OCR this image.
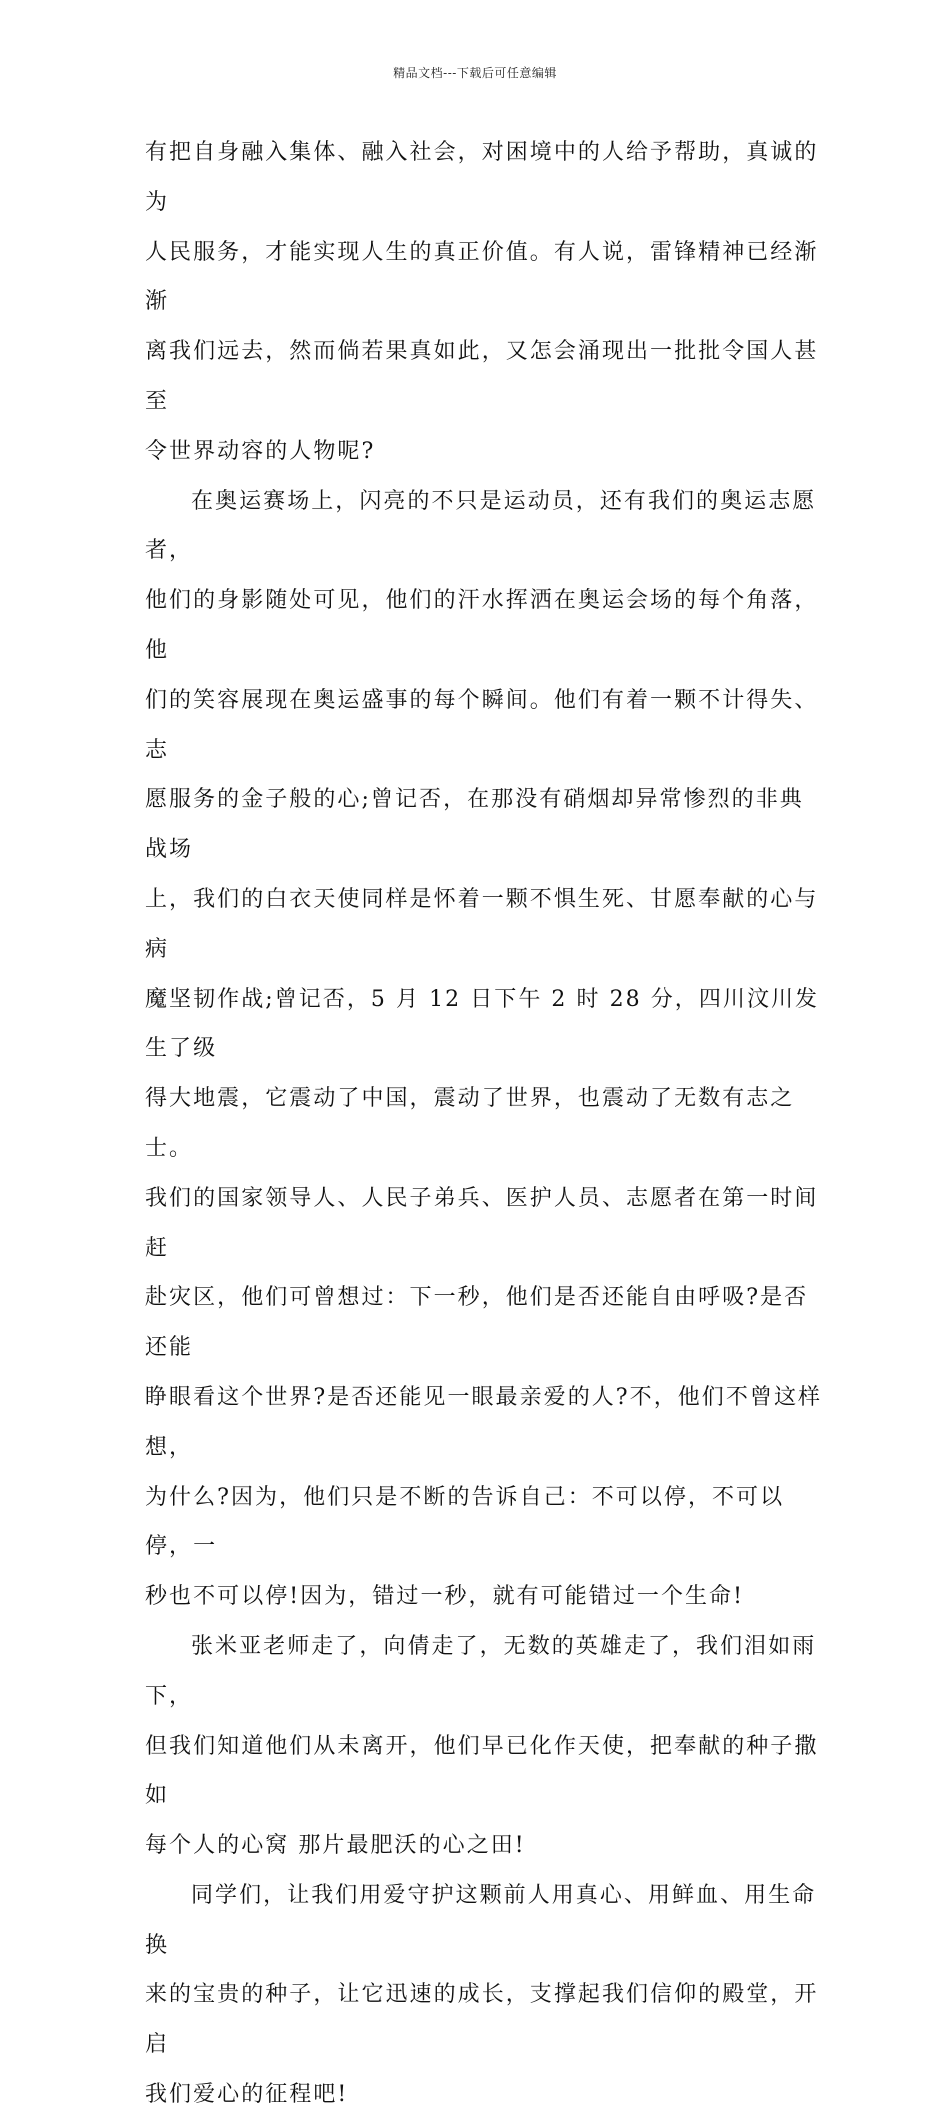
精品文档---下载后可任意编辑

有把自身融入集体、融入社会，对困境中的人给予帮助，真诚的为
人民服务，才能实现人生的真正价值。有人说，雷锋精神已经渐渐
离我们远去，然而倘若果真如此，又怎会涌现出一批批令国人甚至
令世界动容的人物呢?

在奥运赛场上，闪亮的不只是运动员，还有我们的奥运志愿者，
他们的身影随处可见，他们的汗水挥洒在奥运会场的每个角落，他
们的笑容展现在奥运盛事的每个瞬间。他们有着一颗不计得失、志
愿服务的金子般的心;曾记否，在那没有硝烟却异常惨烈的非典战场
上，我们的白衣天使同样是怀着一颗不惧生死、甘愿奉献的心与病
魔坚韧作战;曾记否，5 月 12 日下午 2 时 28 分，四川汶川发生了级
得大地震，它震动了中国，震动了世界，也震动了无数有志之士。
我们的国家领导人、人民子弟兵、医护人员、志愿者在第一时间赶
赴灾区，他们可曾想过：下一秒，他们是否还能自由呼吸?是否还能
睁眼看这个世界?是否还能见一眼最亲爱的人?不，他们不曾这样想，
为什么?因为，他们只是不断的告诉自己：不可以停，不可以停，一
秒也不可以停!因为，错过一秒，就有可能错过一个生命!

张米亚老师走了，向倩走了，无数的英雄走了，我们泪如雨下，
但我们知道他们从未离开，他们早已化作天使，把奉献的种子撒如
每个人的心窝 那片最肥沃的心之田!

同学们，让我们用爱守护这颗前人用真心、用鲜血、用生命换
来的宝贵的种子，让它迅速的成长，支撑起我们信仰的殿堂，开启
我们爱心的征程吧!
